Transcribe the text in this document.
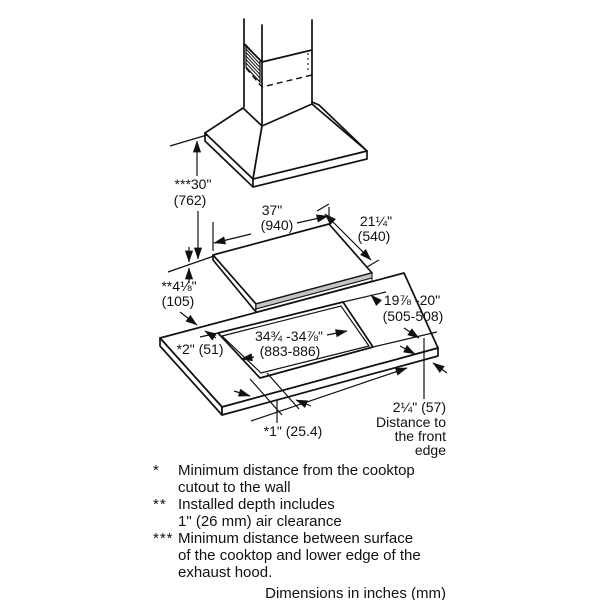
***30"
(762)
37"
(940)	21¼"
(540)
**4⅛"
(105)	19⅞ -20"
(505-508)
34¾ -34⅞"
(883-886)
*2" (51)
*1" (25.4)
2¼" (57)
Distance to
the front
edge
*	Minimum distance from the cooktop
cutout to the wall
** Installed depth includes
1" (26 mm) air clearance
*** Minimum distance between surface
of the cooktop and lower edge of the
exhaust hood.
Dimensions in inches (mm)
